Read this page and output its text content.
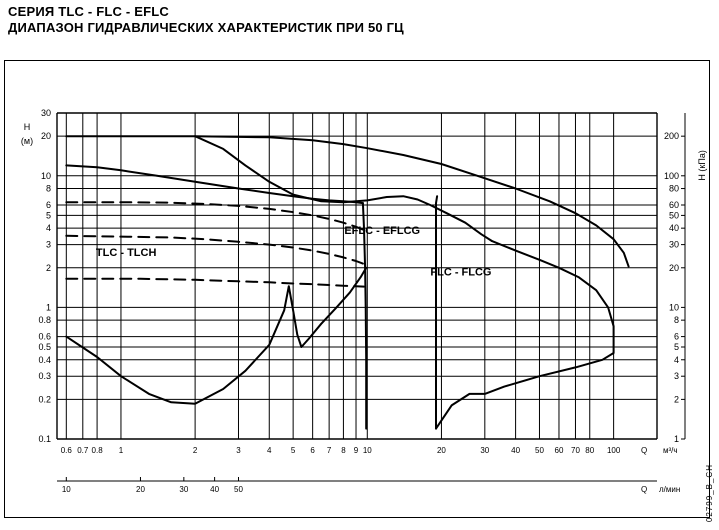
СЕРИЯ TLC - FLC - EFLC
ДИАПАЗОН ГИДРАВЛИЧЕСКИХ ХАРАКТЕРИСТИК ПРИ 50 ГЦ
30
20
10
8
6
5
4
3
2
1
0.8
0.6
0.5
0.4
0.3
0.2
0.1
200
100
80
60
50
40
30
20
10
8
6
5
4
3
2
1
H
(м)
H (кПа)
0.6 0.7 0.8 1	2	3	4 5 6 7 8 9 10	20	30	40 50 60 70 80 100	Q м³/ч
10	20	30	40 50	Q л/мин
TLC - TLCH
EFLC - EFLCG
FLC - FLCG
02799_B_CH
